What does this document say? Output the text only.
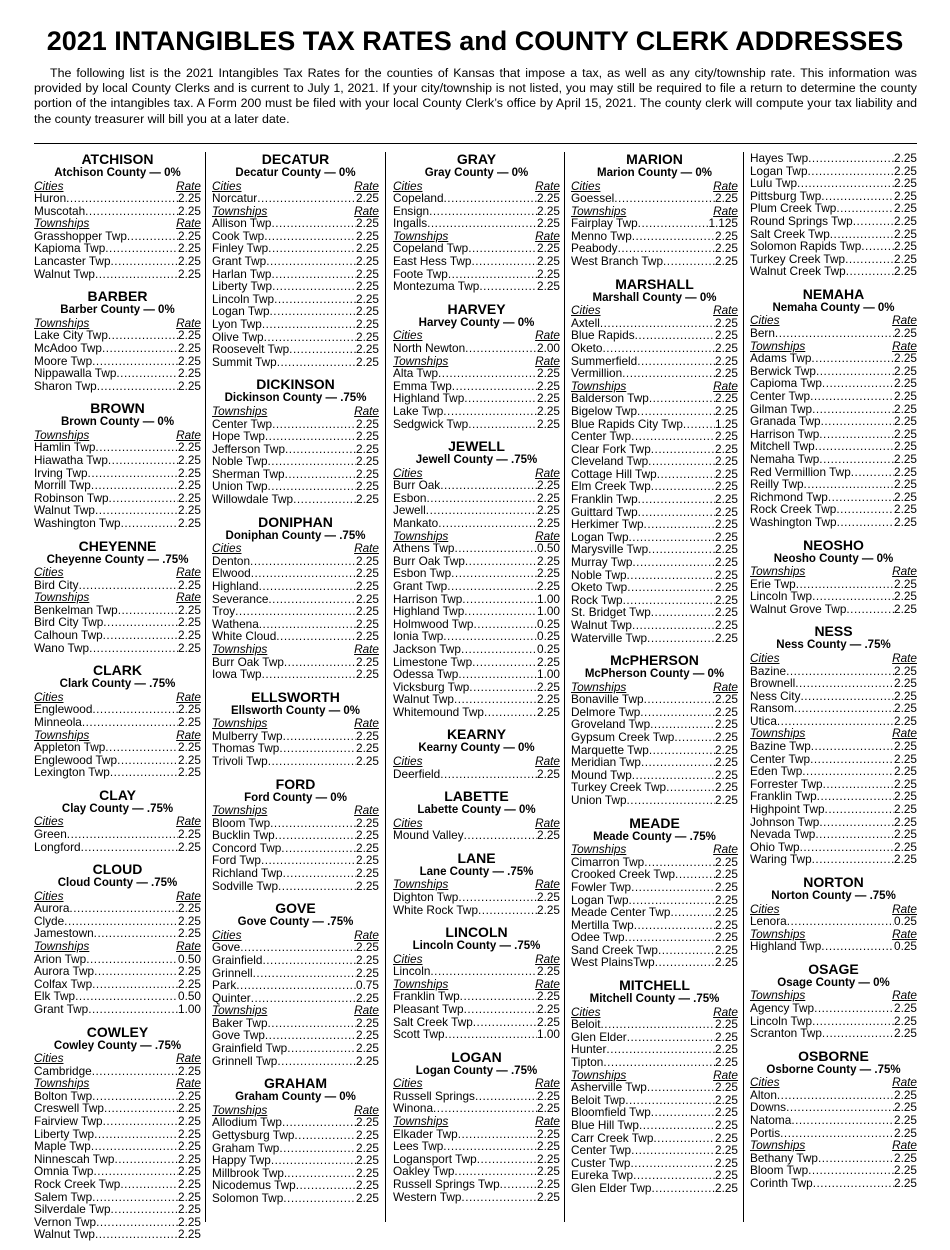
2021 INTANGIBLES TAX RATES and COUNTY CLERK ADDRESSES

The following list is the 2021 Intangibles Tax Rates for the counties of Kansas that impose a tax, as well as any city/township rate. This information was provided by local County Clerks and is current to July 1, 2021. If your city/township is not listed, you may still be required to file a return to determine the county portion of the intangibles tax. A Form 200 must be filed with your local County Clerk’s office by April 15, 2021. The county clerk will compute your tax liability and the county treasurer will bill you at a later date.

ATCHISON
Atchison County — 0%
Cities	Rate
Huron .....	2.25
Muscotah .....	2.25
Townships	Rate
Grasshopper Twp .....	2.25
Kapioma Twp .....	2.25
Lancaster Twp .....	2.25
Walnut Twp .....	2.25
BARBER
Barber County — 0%
Townships	Rate
Lake City Twp .....	2.25
McAdoo Twp .....	2.25
Moore Twp .....	2.25
Nippawalla Twp .....	2.25
Sharon Twp .....	2.25
BROWN
Brown County — 0%
Townships	Rate
Hamlin Twp .....	2.25
Hiawatha Twp .....	2.25
Irving Twp .....	2.25
Morrill Twp .....	2.25
Robinson Twp .....	2.25
Walnut Twp .....	2.25
Washington Twp .....	2.25
CHEYENNE
Cheyenne County — .75%
Cities	Rate
Bird City .....	2.25
Townships	Rate
Benkelman Twp .....	2.25
Bird City Twp .....	2.25
Calhoun Twp .....	2.25
Wano Twp .....	2.25
CLARK
Clark County — .75%
Cities	Rate
Englewood .....	2.25
Minneola .....	2.25
Townships	Rate
Appleton Twp .....	2.25
Englewood Twp .....	2.25
Lexington Twp .....	2.25
CLAY
Clay County — .75%
Cities	Rate
Green .....	2.25
Longford .....	2.25
CLOUD
Cloud County — .75%
Cities	Rate
Aurora .....	2.25
Clyde .....	2.25
Jamestown .....	2.25
Townships	Rate
Arion Twp .....	0.50
Aurora Twp .....	2.25
Colfax Twp .....	2.25
Elk Twp .....	0.50
Grant Twp .....	1.00
COWLEY
Cowley County — .75%
Cities	Rate
Cambridge .....	2.25
Townships	Rate
Bolton Twp .....	2.25
Creswell Twp .....	2.25
Fairview Twp .....	2.25
Liberty Twp .....	2.25
Maple Twp .....	2.25
Ninnescah Twp .....	2.25
Omnia Twp .....	2.25
Rock Creek Twp .....	2.25
Salem Twp .....	2.25
Silverdale Twp .....	2.25
Vernon Twp .....	2.25
Walnut Twp .....	2.25
DECATUR
Decatur County — 0%
Cities	Rate
Norcatur .....	2.25
Townships	Rate
Allison Twp .....	2.25
Cook Twp .....	2.25
Finley Twp .....	2.25
Grant Twp .....	2.25
Harlan Twp .....	2.25
Liberty Twp .....	2.25
Lincoln Twp .....	2.25
Logan Twp .....	2.25
Lyon Twp .....	2.25
Olive Twp .....	2.25
Roosevelt Twp .....	2.25
Summit Twp .....	2.25
DICKINSON
Dickinson County — .75%
Townships	Rate
Center Twp .....	2.25
Hope Twp .....	2.25
Jefferson Twp .....	2.25
Noble Twp .....	2.25
Sherman Twp .....	2.25
Union Twp .....	2.25
Willowdale Twp .....	2.25
DONIPHAN
Doniphan County — .75%
Cities	Rate
Denton .....	2.25
Elwood .....	2.25
Highland .....	2.25
Severance .....	2.25
Troy .....	2.25
Wathena .....	2.25
White Cloud .....	2.25
Townships	Rate
Burr Oak Twp .....	2.25
Iowa Twp .....	2.25
ELLSWORTH
Ellsworth County — 0%
Townships	Rate
Mulberry Twp .....	2.25
Thomas Twp .....	2.25
Trivoli Twp .....	2.25
FORD
Ford County — 0%
Townships	Rate
Bloom Twp .....	2.25
Bucklin Twp .....	2.25
Concord Twp .....	2.25
Ford Twp .....	2.25
Richland Twp .....	2.25
Sodville Twp .....	2.25
GOVE
Gove County — .75%
Cities	Rate
Gove .....	2.25
Grainfield .....	2.25
Grinnell .....	2.25
Park .....	0.75
Quinter .....	2.25
Townships	Rate
Baker Twp .....	2.25
Gove Twp .....	2.25
Grainfield Twp .....	2.25
Grinnell Twp .....	2.25
GRAHAM
Graham County — 0%
Townships	Rate
Allodium Twp .....	2.25
Gettysburg Twp .....	2.25
Graham Twp .....	2.25
Happy Twp .....	2.25
Millbrook Twp. .....	2.25
Nicodemus Twp .....	2.25
Solomon Twp .....	2.25
GRAY
Gray County — 0%
Cities	Rate
Copeland .....	2.25
Ensign .....	2.25
Ingalls .....	2.25
Townships	Rate
Copeland Twp .....	2.25
East Hess Twp .....	2.25
Foote Twp .....	2.25
Montezuma Twp .....	2.25
HARVEY
Harvey County — 0%
Cities	Rate
North Newton .....	2.00
Townships	Rate
Alta Twp .....	2.25
Emma Twp .....	2.25
Highland Twp .....	2.25
Lake Twp .....	2.25
Sedgwick Twp .....	2.25
JEWELL
Jewell County — .75%
Cities	Rate
Burr Oak .....	2.25
Esbon .....	2.25
Jewell .....	2.25
Mankato .....	2.25
Townships	Rate
Athens Twp .....	0.50
Burr Oak Twp .....	2.25
Esbon Twp .....	2.25
Grant Twp .....	2.25
Harrison Twp .....	1.00
Highland Twp .....	1.00
Holmwood Twp .....	0.25
Ionia Twp .....	0.25
Jackson Twp .....	0.25
Limestone Twp .....	2.25
Odessa Twp .....	1.00
Vicksburg Twp .....	2.25
Walnut Twp .....	2.25
Whitemound Twp .....	2.25
KEARNY
Kearny County — 0%
Cities	Rate
Deerfield .....	2.25
LABETTE
Labette County — 0%
Cities	Rate
Mound Valley .....	2.25
LANE
Lane County — .75%
Townships	Rate
Dighton Twp .....	2.25
White Rock Twp .....	2.25
LINCOLN
Lincoln County — .75%
Cities	Rate
Lincoln .....	2.25
Townships	Rate
Franklin Twp .....	2.25
Pleasant Twp .....	2.25
Salt Creek Twp .....	2.25
Scott Twp .....	1.00
LOGAN
Logan County — .75%
Cities	Rate
Russell Springs .....	2.25
Winona .....	2.25
Townships	Rate
Elkader Twp .....	2.25
Lees Twp .....	2.25
Logansport Twp .....	2.25
Oakley Twp .....	2.25
Russell Springs Twp .....	2.25
Western Twp .....	2.25
MARION
Marion County — 0%
Cities	Rate
Goessel .....	2.25
Townships	Rate
Fairplay Twp .....	1.125
Menno Twp .....	2.25
Peabody .....	2.25
West Branch Twp .....	2.25
MARSHALL
Marshall County — 0%
Cities	Rate
Axtell .....	2.25
Blue Rapids .....	2.25
Oketo .....	2.25
Summerfield .....	2.25
Vermillion .....	2.25
Townships	Rate
Balderson Twp .....	2.25
Bigelow Twp .....	2.25
Blue Rapids City Twp .....	1.25
Center Twp .....	2.25
Clear Fork Twp .....	2.25
Cleveland Twp .....	2.25
Cottage Hill Twp .....	2.25
Elm Creek Twp .....	2.25
Franklin Twp .....	2.25
Guittard Twp .....	2.25
Herkimer Twp .....	2.25
Logan Twp .....	2.25
Marysville Twp .....	2.25
Murray Twp .....	2.25
Noble Twp .....	2.25
Oketo Twp .....	2.25
Rock Twp .....	2.25
St. Bridget Twp .....	2.25
Walnut Twp .....	2.25
Waterville Twp .....	2.25
McPHERSON
McPherson County — 0%
Townships	Rate
Bonaville Twp .....	2.25
Delmore Twp .....	2.25
Groveland Twp .....	2.25
Gypsum Creek Twp .....	2.25
Marquette Twp .....	2.25
Meridian Twp .....	2.25
Mound Twp .....	2.25
Turkey Creek Twp .....	2.25
Union Twp .....	2.25
MEADE
Meade County — .75%
Townships	Rate
Cimarron Twp .....	2.25
Crooked Creek Twp .....	2.25
Fowler Twp .....	2.25
Logan Twp .....	2.25
Meade Center Twp .....	2.25
Mertilla Twp .....	2.25
Odee Twp .....	2.25
Sand Creek Twp .....	2.25
West PlainsTwp .....	2.25
MITCHELL
Mitchell County — .75%
Cities	Rate
Beloit .....	2.25
Glen Elder .....	2.25
Hunter .....	2.25
Tipton .....	2.25
Townships	Rate
Asherville Twp .....	2.25
Beloit Twp .....	2.25
Bloomfield Twp .....	2.25
Blue Hill Twp .....	2.25
Carr Creek Twp .....	2.25
Center Twp .....	2.25
Custer Twp .....	2.25
Eureka Twp .....	2.25
Glen Elder Twp .....	2.25
Hayes Twp .....	2.25
Logan Twp .....	2.25
Lulu Twp .....	2.25
Pittsburg Twp .....	2.25
Plum Creek Twp .....	2.25
Round Springs Twp .....	2.25
Salt Creek Twp .....	2.25
Solomon Rapids Twp .....	2.25
Turkey Creek Twp .....	2.25
Walnut Creek Twp .....	2.25
NEMAHA
Nemaha County — 0%
Cities	Rate
Bern .....	2.25
Townships	Rate
Adams Twp .....	2.25
Berwick Twp .....	2.25
Capioma Twp .....	2.25
Center Twp .....	2.25
Gilman Twp .....	2.25
Granada Twp .....	2.25
Harrison Twp .....	2.25
Mitchell Twp .....	2.25
Nemaha Twp .....	2.25
Red Vermillion Twp .....	2.25
Reilly Twp .....	2.25
Richmond Twp .....	2.25
Rock Creek Twp .....	2.25
Washington Twp .....	2.25
NEOSHO
Neosho County — 0%
Townships	Rate
Erie Twp .....	2.25
Lincoln Twp .....	2.25
Walnut Grove Twp .....	2.25
NESS
Ness County — .75%
Cities	Rate
Bazine .....	2.25
Brownell .....	2.25
Ness City .....	2.25
Ransom .....	2.25
Utica .....	2.25
Townships	Rate
Bazine Twp .....	2.25
Center Twp .....	2.25
Eden Twp .....	2.25
Forrester Twp .....	2.25
Franklin Twp .....	2.25
Highpoint Twp .....	2.25
Johnson Twp .....	2.25
Nevada Twp .....	2.25
Ohio Twp .....	2.25
Waring Twp .....	2.25
NORTON
Norton County — .75%
Cities	Rate
Lenora .....	0.25
Townships	Rate
Highland Twp .....	0.25
OSAGE
Osage County — 0%
Townships	Rate
Agency Twp .....	2.25
Lincoln Twp .....	2.25
Scranton Twp .....	2.25
OSBORNE
Osborne County — .75%
Cities	Rate
Alton .....	2.25
Downs .....	2.25
Natoma .....	2.25
Portis .....	2.25
Townships	Rate
Bethany Twp .....	2.25
Bloom Twp .....	2.25
Corinth Twp .....	2.25
